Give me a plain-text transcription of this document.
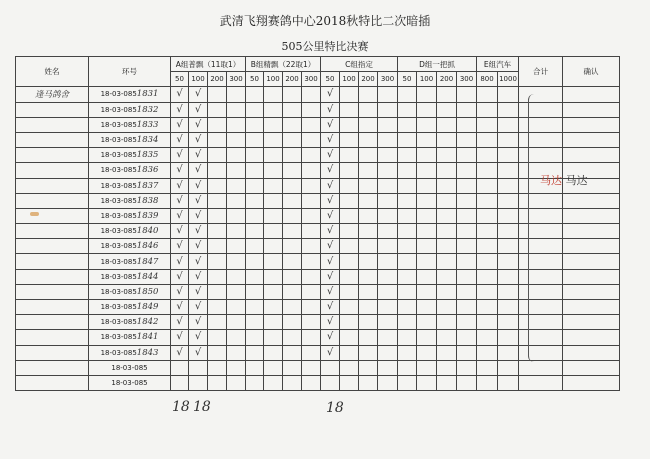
武清飞翔赛鸽中心2018秋特比二次暗插
505公里特比决赛
姓名	环号	A组普飘（11取1）				B组精飘（22取1）				C组指定				D组一把抓				E组汽车		合计	确认
		50	100	200	300	50	100	200	300	50	100	200	300	50	100	200	300	800	1000		
逢马鸽舍	18-03-0851831	√	√							√											
	18-03-0851832	√	√							√											
	18-03-0851833	√	√							√											
	18-03-0851834	√	√							√											
	18-03-0851835	√	√							√											
	18-03-0851836	√	√							√											
	18-03-0851837	√	√							√											
	18-03-0851838	√	√							√											
	18-03-0851839	√	√							√											
	18-03-0851840	√	√							√											
	18-03-0851846	√	√							√											
	18-03-0851847	√	√							√											
	18-03-0851844	√	√							√											
	18-03-0851850	√	√							√											
	18-03-0851849	√	√							√											
	18-03-0851842	√	√							√											
	18-03-0851841	√	√							√											
	18-03-0851843	√	√							√											
	18-03-085																				
	18-03-085																				
马达 马达
18 18	18
